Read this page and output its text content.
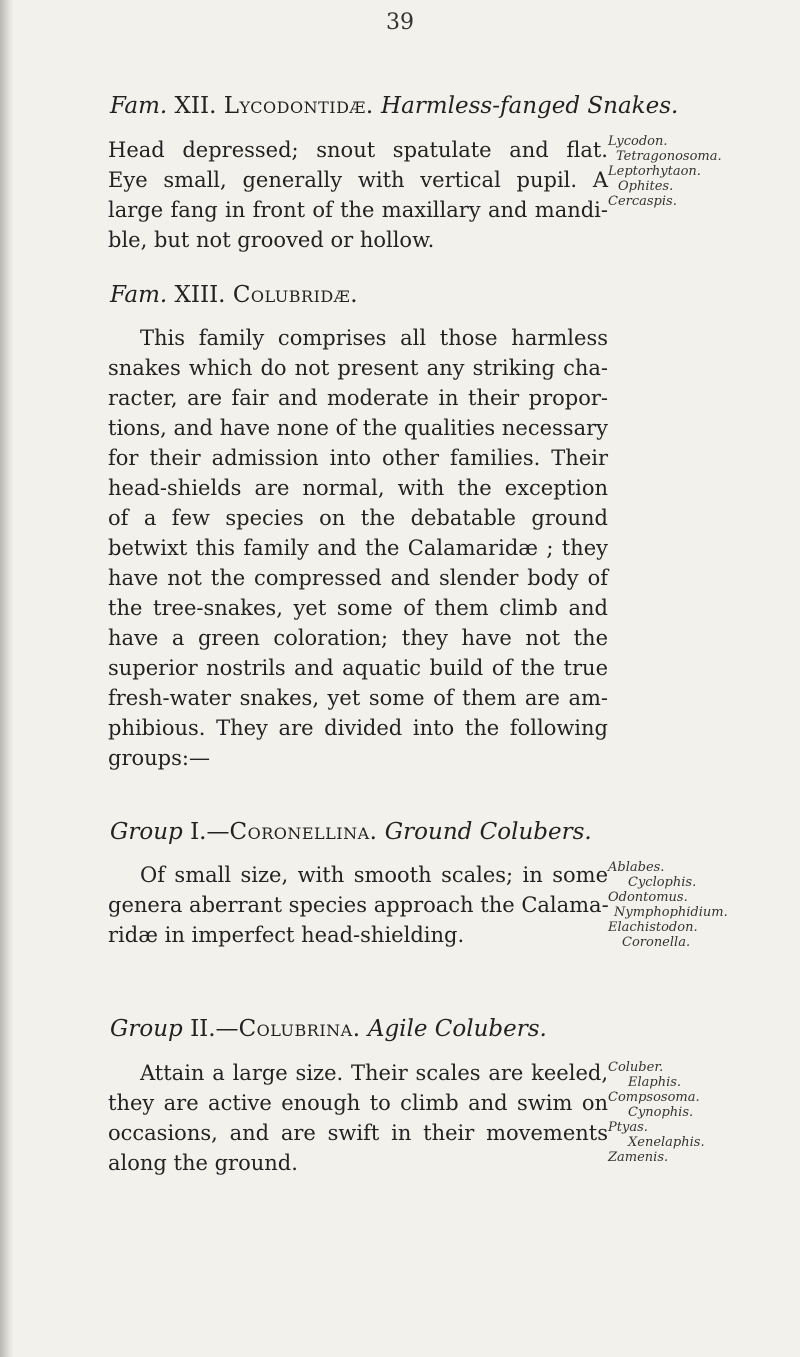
39
Fam. XII. Lycodontidæ. Harmless-fanged Snakes.
Head depressed; snout spatulate and flat.
Eye small, generally with vertical pupil. A
large fang in front of the maxillary and mandi-
ble, but not grooved or hollow.
Lycodon.
Tetragonosoma.
Leptorhytaon.
Ophites.
Cercaspis.
Fam. XIII. Colubridæ.
This family comprises all those harmless
snakes which do not present any striking cha-
racter, are fair and moderate in their propor-
tions, and have none of the qualities necessary
for their admission into other families. Their
head-shields are normal, with the exception
of a few species on the debatable ground
betwixt this family and the Calamaridæ ; they
have not the compressed and slender body of
the tree-snakes, yet some of them climb and
have a green coloration; they have not the
superior nostrils and aquatic build of the true
fresh-water snakes, yet some of them are am-
phibious. They are divided into the following
groups:—
Group I.—Coronellina. Ground Colubers.
Of small size, with smooth scales; in some
genera aberrant species approach the Calama-
ridæ in imperfect head-shielding.
Ablabes.
Cyclophis.
Odontomus.
Nymphophidium.
Elachistodon.
Coronella.
Group II.—Colubrina. Agile Colubers.
Attain a large size. Their scales are keeled,
they are active enough to climb and swim on
occasions, and are swift in their movements
along the ground.
Coluber.
Elaphis.
Compsosoma.
Cynophis.
Ptyas.
Xenelaphis.
Zamenis.
